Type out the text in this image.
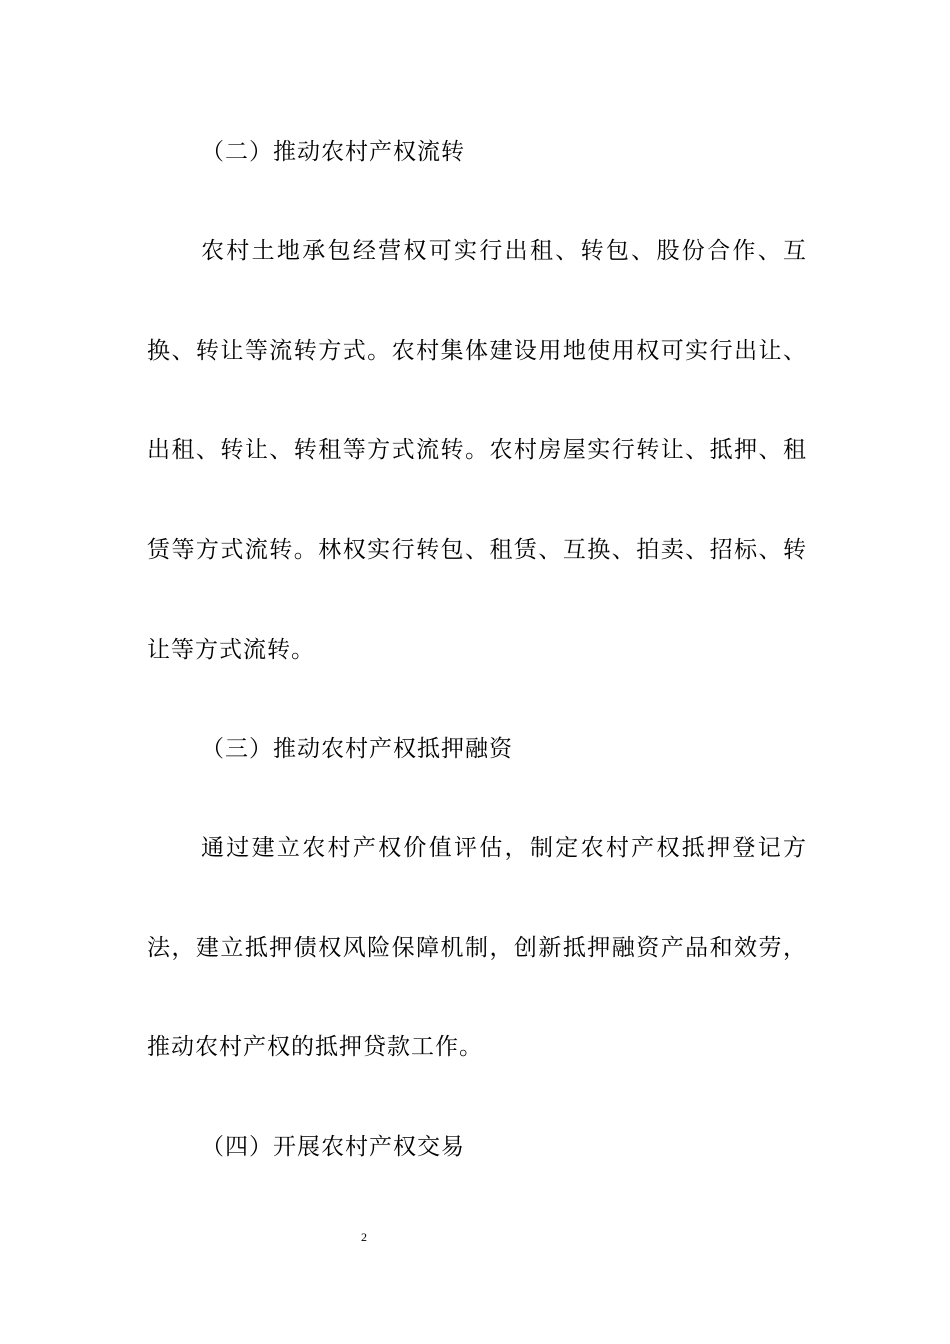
（二）推动农村产权流转
农村土地承包经营权可实行出租、转包、股份合作、互
换、转让等流转方式。农村集体建设用地使用权可实行出让、
出租、转让、转租等方式流转。农村房屋实行转让、抵押、租
赁等方式流转。林权实行转包、租赁、互换、拍卖、招标、转
让等方式流转。
（三）推动农村产权抵押融资
通过建立农村产权价值评估，制定农村产权抵押登记方
法，建立抵押债权风险保障机制，创新抵押融资产品和效劳，
推动农村产权的抵押贷款工作。
（四）开展农村产权交易
2
